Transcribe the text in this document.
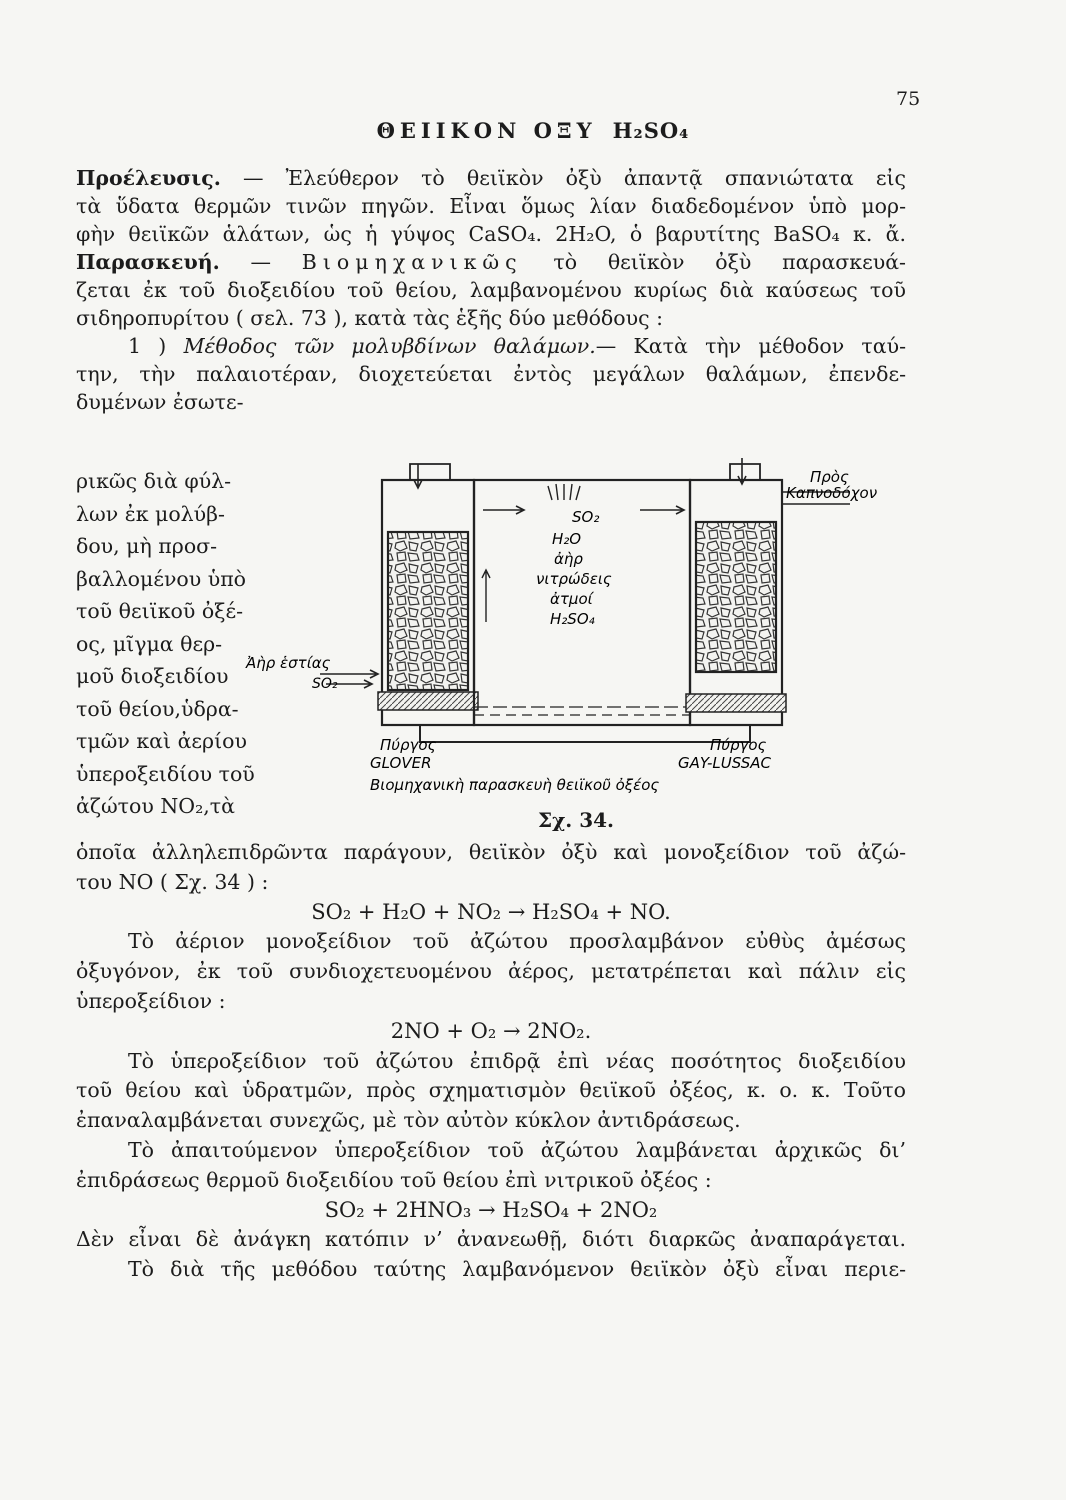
75
ΘΕΙΙΚΟΝ ΟΞΥ H₂SO₄
Προέλευσις. — Ἐλεύθερον τὸ θειϊκὸν ὀξὺ ἀπαντᾷ σπανιώτατα εἰς
τὰ ὕδατα θερμῶν τινῶν πηγῶν. Εἶναι ὅμως λίαν διαδεδομένον ὑπὸ μορ-
φὴν θειϊκῶν ἁλάτων, ὡς ἡ γύψος CaSO₄. 2H₂O, ὁ βαρυτίτης BaSO₄ κ. ἄ.
Παρασκευή. — Βιομηχανικῶς τὸ θειϊκὸν ὀξὺ παρασκευά-
ζεται ἐκ τοῦ διοξειδίου τοῦ θείου, λαμβανομένου κυρίως διὰ καύσεως τοῦ
σιδηροπυρίτου ( σελ. 73 ), κατὰ τὰς ἑξῆς δύο μεθόδους :
1 ) Μέθοδος τῶν μολυβδίνων θαλάμων.— Κατὰ τὴν μέθοδον ταύ-
την, τὴν παλαιοτέραν, διοχετεύεται ἐντὸς μεγάλων θαλάμων, ἐπενδε-
δυμένων ἐσωτε-
ρικῶς διὰ φύλ-
λων ἐκ μολύβ-
δου, μὴ προσ-
βαλλομένου ὑπὸ
τοῦ θειϊκοῦ ὀξέ-
ος, μῖγμα θερ-
μοῦ διοξειδίου
τοῦ θείου,ὑδρα-
τμῶν καὶ ἀερίου
ὑπεροξειδίου τοῦ
ἀζώτου NO₂,τὰ
Πρὸς
Καπνοδόχον
SO₂
H₂O
ἀὴρ
νιτρώδεις
ἀτμοί
H₂SO₄
Ἀὴρ ἑστίας
SO₂
Πύργος
GLOVER
Πύργος
GAY-LUSSAC
Βιομηχανικὴ παρασκευὴ θειϊκοῦ ὀξέος
Σχ. 34.
ὁποῖα ἀλληλεπιδρῶντα παράγουν, θειϊκὸν ὀξὺ καὶ μονοξείδιον τοῦ ἀζώ-
του NO ( Σχ. 34 ) :
SO₂ + H₂O + NO₂ → H₂SO₄ + NO.
Τὸ ἀέριον μονοξείδιον τοῦ ἀζώτου προσλαμβάνον εὐθὺς ἀμέσως
ὀξυγόνον, ἐκ τοῦ συνδιοχετευομένου ἀέρος, μετατρέπεται καὶ πάλιν εἰς
ὑπεροξείδιον :
2NO + O₂ → 2NO₂.
Τὸ ὑπεροξείδιον τοῦ ἀζώτου ἐπιδρᾷ ἐπὶ νέας ποσότητος διοξειδίου
τοῦ θείου καὶ ὑδρατμῶν, πρὸς σχηματισμὸν θειϊκοῦ ὀξέος, κ. ο. κ. Τοῦτο
ἐπαναλαμβάνεται συνεχῶς, μὲ τὸν αὐτὸν κύκλον ἀντιδράσεως.
Τὸ ἀπαιτούμενον ὑπεροξείδιον τοῦ ἀζώτου λαμβάνεται ἀρχικῶς δι’
ἐπιδράσεως θερμοῦ διοξειδίου τοῦ θείου ἐπὶ νιτρικοῦ ὀξέος :
SO₂ + 2HNO₃ → H₂SO₄ + 2NO₂
Δὲν εἶναι δὲ ἀνάγκη κατόπιν ν’ ἀνανεωθῇ, διότι διαρκῶς ἀναπαράγεται.
Τὸ διὰ τῆς μεθόδου ταύτης λαμβανόμενον θειϊκὸν ὀξὺ εἶναι περιε-
